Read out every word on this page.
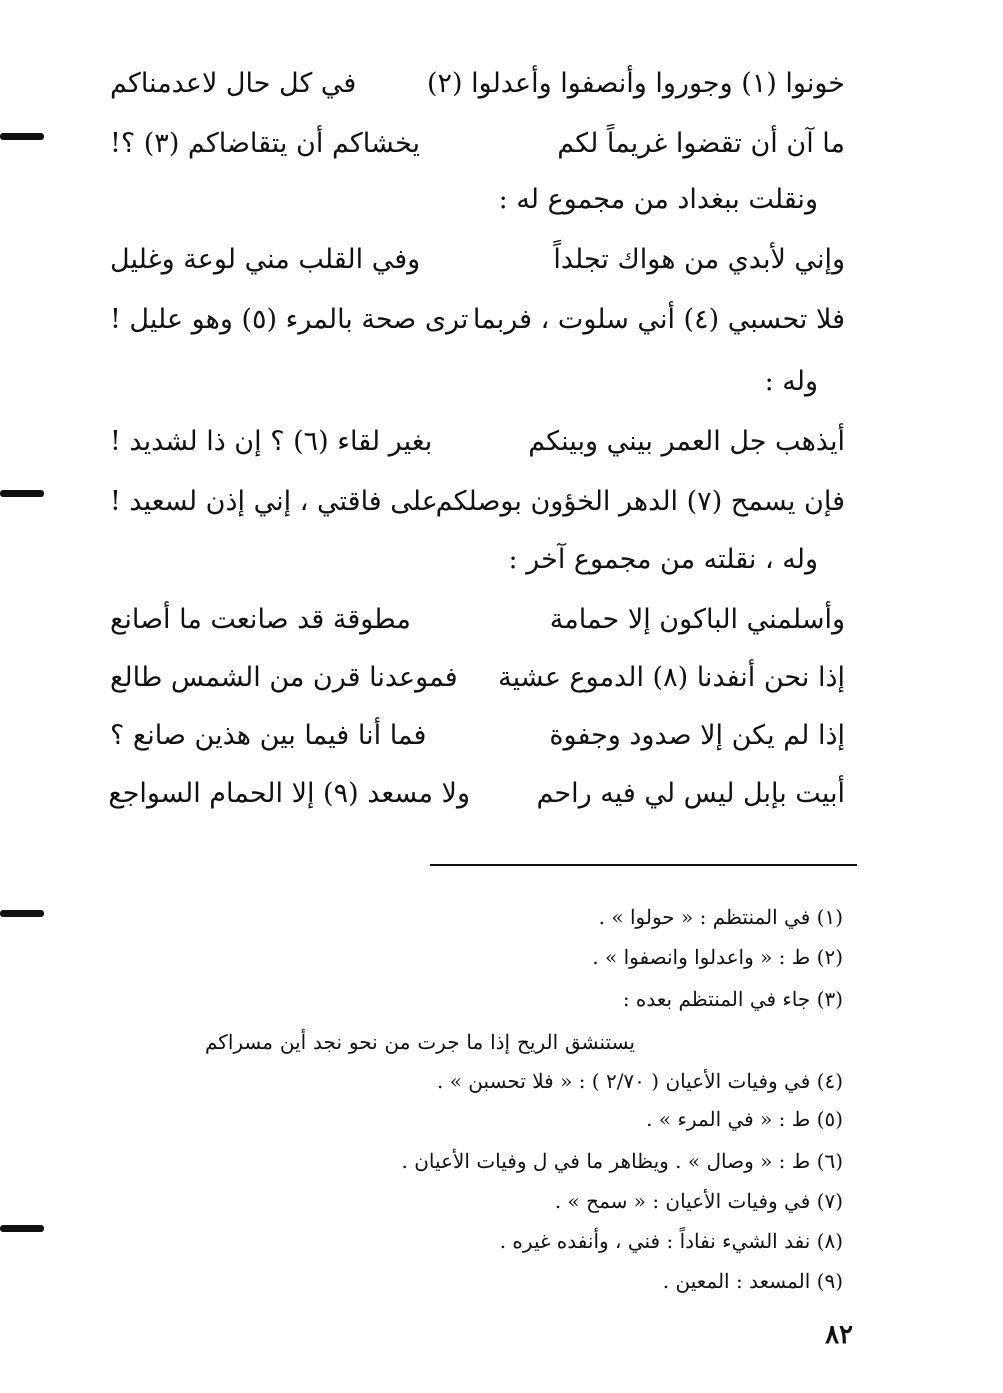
خونوا (١) وجوروا وأنصفوا وأعدلوا (٢)
في كل حال لاعدمناكم
ما آن أن تقضوا غريماً لكم
يخشاكم أن يتقاضاكم (٣) ؟!
ونقلت ببغداد من مجموع له :
وإني لأبدي من هواك تجلداً
وفي القلب مني لوعة وغليل
فلا تحسبي (٤) أني سلوت ، فربما
ترى صحة بالمرء (٥) وهو عليل !
وله :
أيذهب جل العمر بيني وبينكم
بغير لقاء (٦) ؟ إن ذا لشديد !
فإن يسمح (٧) الدهر الخؤون بوصلكم
على فاقتي ، إني إذن لسعيد !
وله ، نقلته من مجموع آخر :
وأسلمني الباكون إلا حمامة
مطوقة قد صانعت ما أصانع
إذا نحن أنفدنا (٨) الدموع عشية
فموعدنا قرن من الشمس طالع
إذا لم يكن إلا صدود وجفوة
فما أنا فيما بين هذين صانع ؟
أبيت بإبل ليس لي فيه راحم
ولا مسعد (٩) إلا الحمام السواجع
(١) في المنتظم : « حولوا » .
(٢) ط : « واعدلوا وانصفوا » .
(٣) جاء في المنتظم بعده :
يستنشق الريح إذا ما جرت من نحو نجد أين مسراكم
(٤) في وفيات الأعيان ( ٢/٧٠ ) : « فلا تحسبن » .
(٥) ط : « في المرء » .
(٦) ط : « وصال » . ويظاهر ما في ل وفيات الأعيان .
(٧) في وفيات الأعيان : « سمح » .
(٨) نفد الشيء نفاداً : فني ، وأنفده غيره .
(٩) المسعد : المعين .
٨٢
